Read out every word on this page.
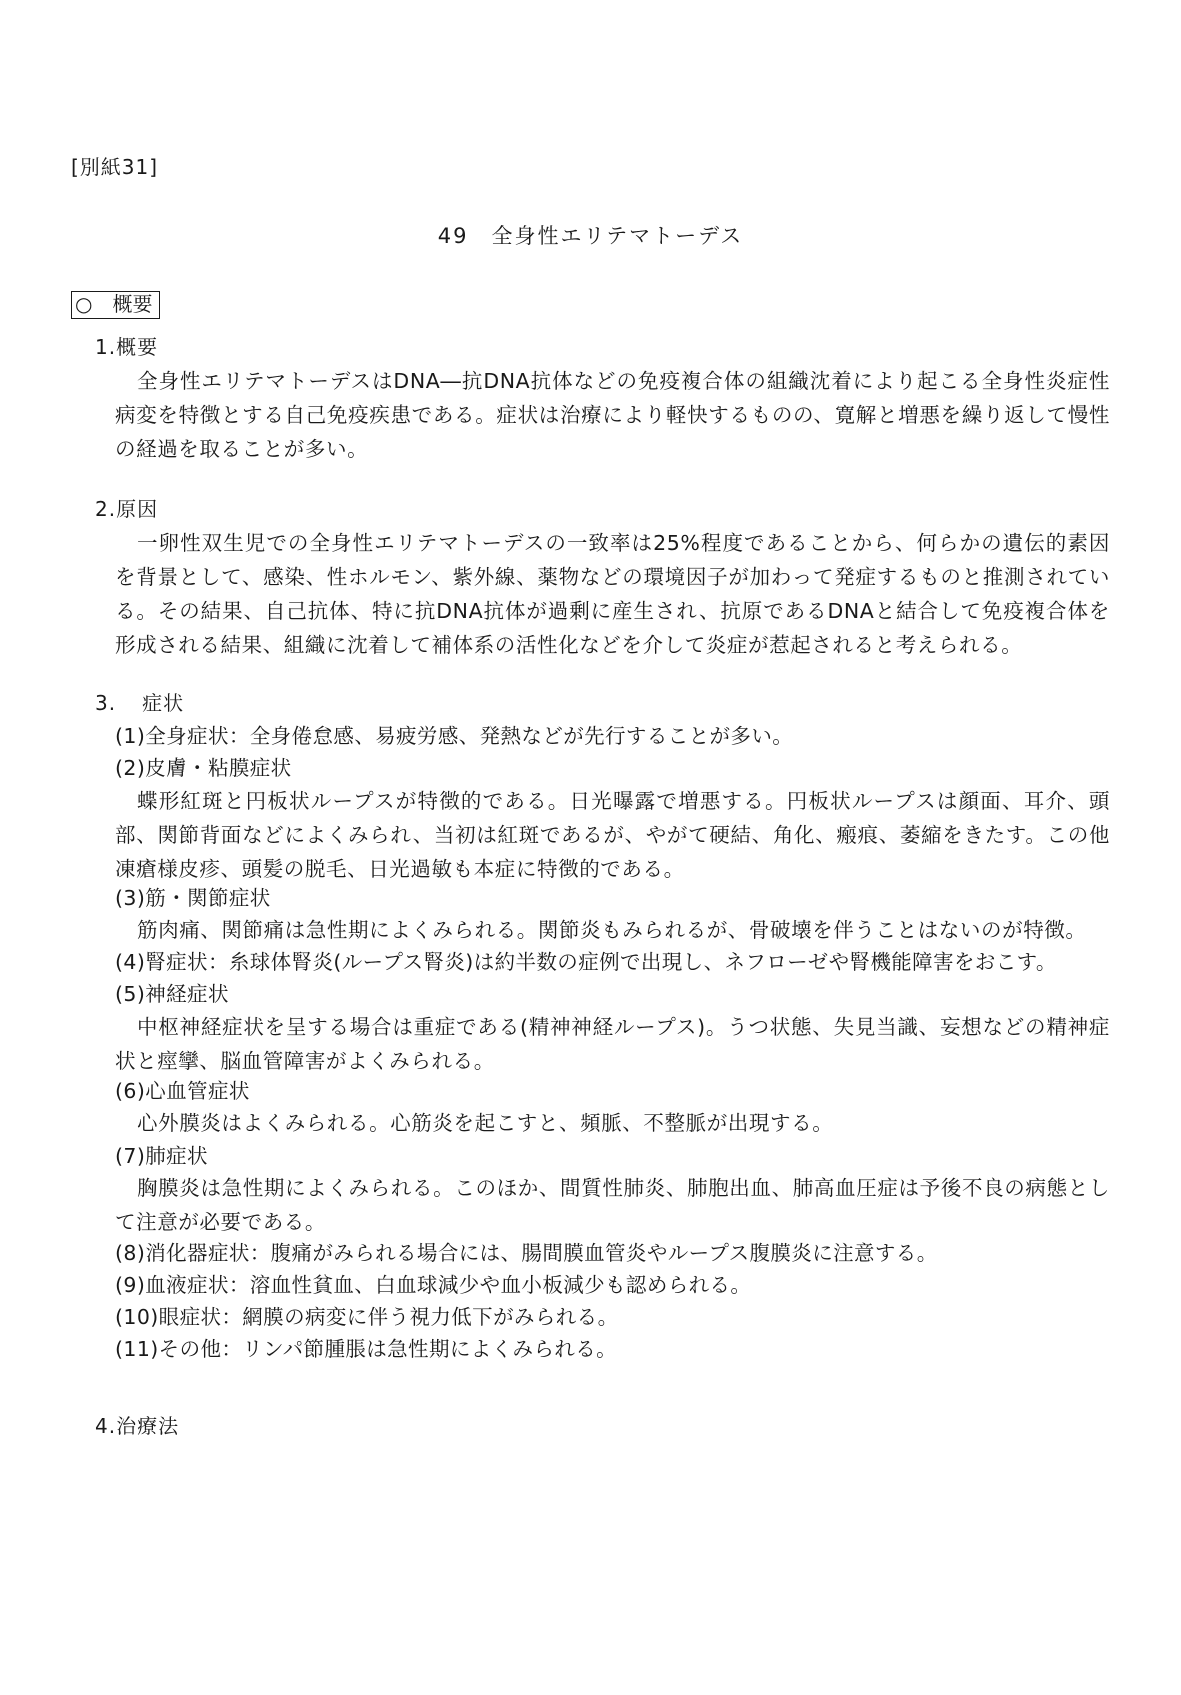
[別紙31]
49　全身性エリテマトーデス
○ 概要
1.概要
全身性エリテマトーデスはDNA―抗DNA抗体などの免疫複合体の組織沈着により起こる全身性炎症性病変を特徴とする自己免疫疾患である。症状は治療により軽快するものの、寛解と増悪を繰り返して慢性の経過を取ることが多い。
2.原因
一卵性双生児での全身性エリテマトーデスの一致率は25%程度であることから、何らかの遺伝的素因を背景として、感染、性ホルモン、紫外線、薬物などの環境因子が加わって発症するものと推測されている。その結果、自己抗体、特に抗DNA抗体が過剰に産生され、抗原であるDNAと結合して免疫複合体を形成される結果、組織に沈着して補体系の活性化などを介して炎症が惹起されると考えられる。
3. 症状
(1)全身症状：全身倦怠感、易疲労感、発熱などが先行することが多い。
(2)皮膚・粘膜症状
蝶形紅斑と円板状ループスが特徴的である。日光曝露で増悪する。円板状ループスは顔面、耳介、頭部、関節背面などによくみられ、当初は紅斑であるが、やがて硬結、角化、瘢痕、萎縮をきたす。この他凍瘡様皮疹、頭髪の脱毛、日光過敏も本症に特徴的である。
(3)筋・関節症状
筋肉痛、関節痛は急性期によくみられる。関節炎もみられるが、骨破壊を伴うことはないのが特徴。
(4)腎症状：糸球体腎炎(ループス腎炎)は約半数の症例で出現し、ネフローゼや腎機能障害をおこす。
(5)神経症状
中枢神経症状を呈する場合は重症である(精神神経ループス)。うつ状態、失見当識、妄想などの精神症状と痙攣、脳血管障害がよくみられる。
(6)心血管症状
心外膜炎はよくみられる。心筋炎を起こすと、頻脈、不整脈が出現する。
(7)肺症状
胸膜炎は急性期によくみられる。このほか、間質性肺炎、肺胞出血、肺高血圧症は予後不良の病態として注意が必要である。
(8)消化器症状：腹痛がみられる場合には、腸間膜血管炎やループス腹膜炎に注意する。
(9)血液症状：溶血性貧血、白血球減少や血小板減少も認められる。
(10)眼症状：網膜の病変に伴う視力低下がみられる。
(11)その他：リンパ節腫脹は急性期によくみられる。
4.治療法
